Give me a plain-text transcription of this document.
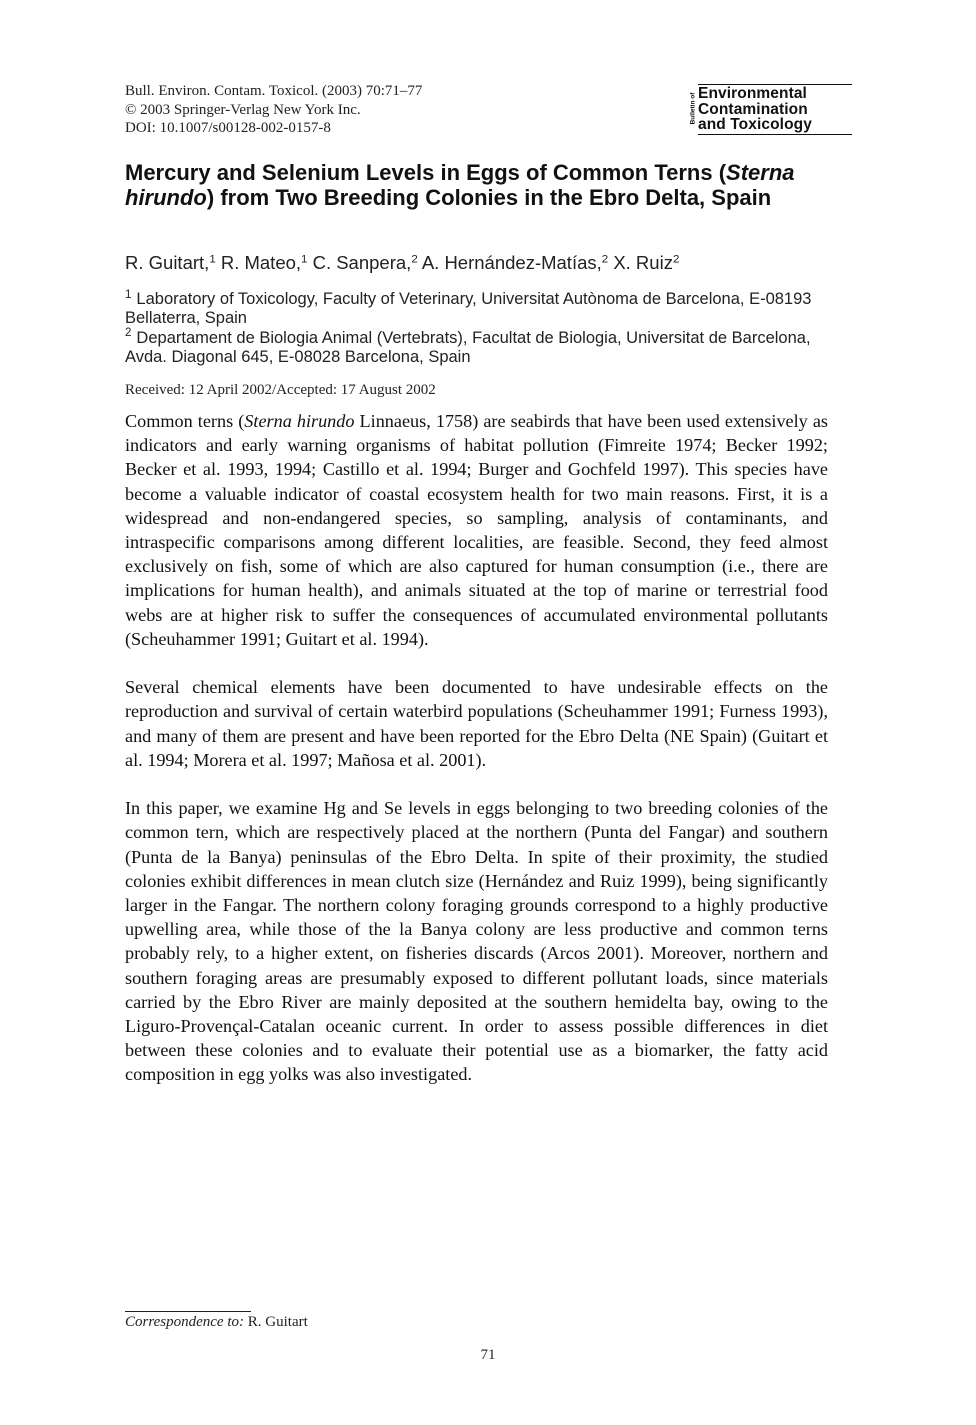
Bull. Environ. Contam. Toxicol. (2003) 70:71–77
© 2003 Springer-Verlag New York Inc.
DOI: 10.1007/s00128-002-0157-8
Bulletin of Environmental
Contamination
and Toxicology
Mercury and Selenium Levels in Eggs of Common Terns (Sterna hirundo) from Two Breeding Colonies in the Ebro Delta, Spain
R. Guitart,$^1$ R. Mateo,$^1$ C. Sanpera,$^2$ A. Hernández-Matías,$^2$ X. Ruiz$^2$

$^1$ Laboratory of Toxicology, Faculty of Veterinary, Universitat Autònoma de Barcelona, E-08193 Bellaterra, Spain

$^2$ Departament de Biologia Animal (Vertebrats), Facultat de Biologia, Universitat de Barcelona, Avda. Diagonal 645, E-08028 Barcelona, Spain

Received: 12 April 2002/Accepted: 17 August 2002

Common terns (Sterna hirundo Linnaeus, 1758) are seabirds that have been used extensively as indicators and early warning organisms of habitat pollution (Fimreite 1974; Becker 1992; Becker et al. 1993, 1994; Castillo et al. 1994; Burger and Gochfeld 1997). This species have become a valuable indicator of coastal ecosystem health for two main reasons. First, it is a widespread and non-endangered species, so sampling, analysis of contaminants, and intraspecific comparisons among different localities, are feasible. Second, they feed almost exclusively on fish, some of which are also captured for human consumption (i.e., there are implications for human health), and animals situated at the top of marine or terrestrial food webs are at higher risk to suffer the consequences of accumulated environmental pollutants (Scheuhammer 1991; Guitart et al. 1994).

Several chemical elements have been documented to have undesirable effects on the reproduction and survival of certain waterbird populations (Scheuhammer 1991; Furness 1993), and many of them are present and have been reported for the Ebro Delta (NE Spain) (Guitart et al. 1994; Morera et al. 1997; Mañosa et al. 2001).

In this paper, we examine Hg and Se levels in eggs belonging to two breeding colonies of the common tern, which are respectively placed at the northern (Punta del Fangar) and southern (Punta de la Banya) peninsulas of the Ebro Delta. In spite of their proximity, the studied colonies exhibit differences in mean clutch size (Hernández and Ruiz 1999), being significantly larger in the Fangar. The northern colony foraging grounds correspond to a highly productive upwelling area, while those of the la Banya colony are less productive and common terns probably rely, to a higher extent, on fisheries discards (Arcos 2001). Moreover, northern and southern foraging areas are presumably exposed to different pollutant loads, since materials carried by the Ebro River are mainly deposited at the southern hemidelta bay, owing to the Liguro-Provençal-Catalan oceanic current. In order to assess possible differences in diet between these colonies and to evaluate their potential use as a biomarker, the fatty acid composition in egg yolks was also investigated.

Correspondence to: R. Guitart
71
